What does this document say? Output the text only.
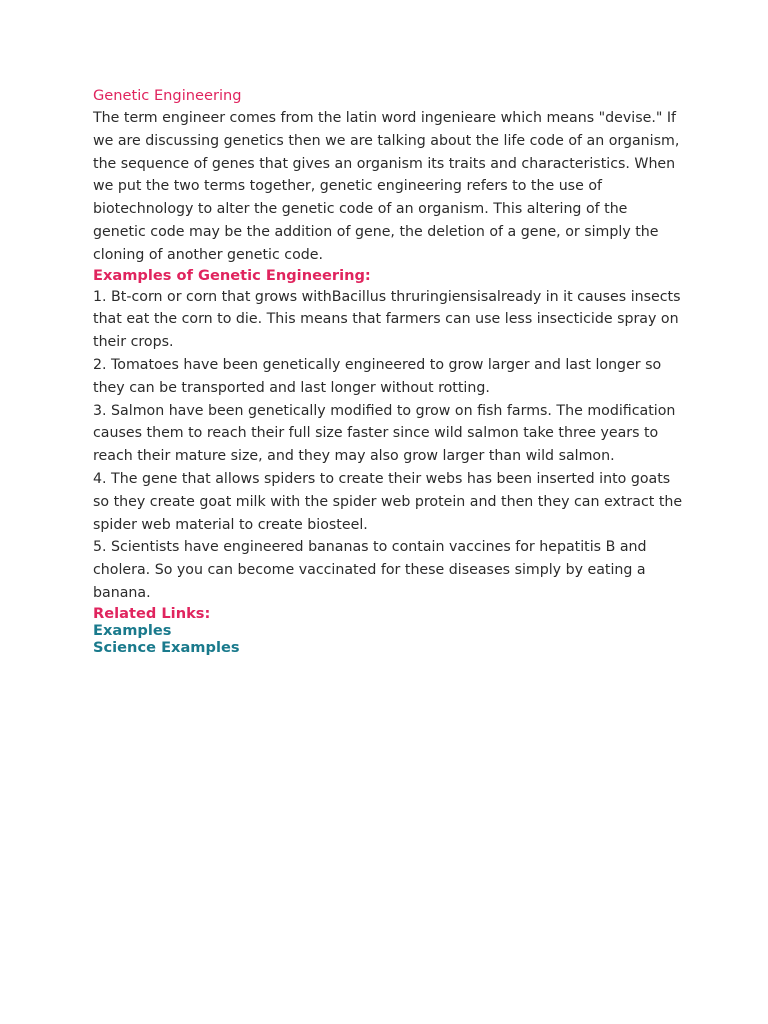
Genetic Engineering

The term engineer comes from the latin word ingenieare which means "devise." If we are discussing genetics then we are talking about the life code of an organism, the sequence of genes that gives an organism its traits and characteristics. When we put the two terms together, genetic engineering refers to the use of biotechnology to alter the genetic code of an organism. This altering of the genetic code may be the addition of gene, the deletion of a gene, or simply the cloning of another genetic code.

Examples of Genetic Engineering:
1. Bt-corn or corn that grows withBacillus thruringiensisalready in it causes insects that eat the corn to die. This means that farmers can use less insecticide spray on their crops.
2. Tomatoes have been genetically engineered to grow larger and last longer so they can be transported and last longer without rotting.
3. Salmon have been genetically modified to grow on fish farms. The modification causes them to reach their full size faster since wild salmon take three years to reach their mature size, and they may also grow larger than wild salmon.
4. The gene that allows spiders to create their webs has been inserted into goats so they create goat milk with the spider web protein and then they can extract the spider web material to create biosteel.
5. Scientists have engineered bananas to contain vaccines for hepatitis B and cholera. So you can become vaccinated for these diseases simply by eating a banana.
Related Links:
Examples
Science Examples
